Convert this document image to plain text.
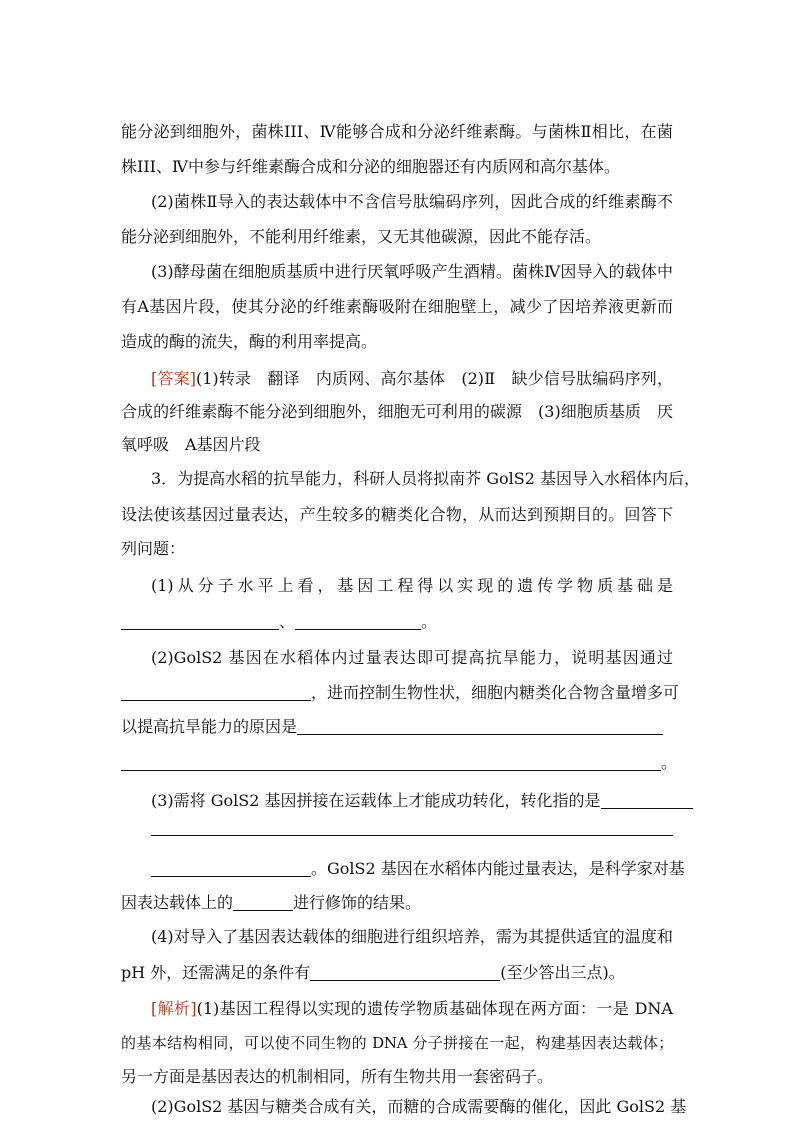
能分泌到细胞外，菌株III、Ⅳ能够合成和分泌纤维素酶。与菌株Ⅱ相比，在菌
株III、Ⅳ中参与纤维素酶合成和分泌的细胞器还有内质网和高尔基体。
(2)菌株Ⅱ导入的表达载体中不含信号肽编码序列，因此合成的纤维素酶不
能分泌到细胞外，不能利用纤维素，又无其他碳源，因此不能存活。
(3)酵母菌在细胞质基质中进行厌氧呼吸产生酒精。菌株Ⅳ因导入的载体中
有A基因片段，使其分泌的纤维素酶吸附在细胞壁上，减少了因培养液更新而
造成的酶的流失，酶的利用率提高。
[答案](1)转录　翻译　内质网、高尔基体　(2)Ⅱ　缺少信号肽编码序列，
合成的纤维素酶不能分泌到细胞外，细胞无可利用的碳源　(3)细胞质基质　厌
氧呼吸　A基因片段
3．为提高水稻的抗旱能力，科研人员将拟南芥 GolS2 基因导入水稻体内后，
设法使该基因过量表达，产生较多的糖类化合物，从而达到预期目的。回答下
列问题：
(1)从分子水平上看，基因工程得以实现的遗传学物质基础是
、	。
(2)GolS2 基因在水稻体内过量表达即可提高抗旱能力，说明基因通过
，进而控制生物性状，细胞内糖类化合物含量增多可
以提高抗旱能力的原因是
。
(3)需将 GolS2 基因拼接在运载体上才能成功转化，转化指的是
。GolS2 基因在水稻体内能过量表达，是科学家对基
因表达载体上的	进行修饰的结果。
(4)对导入了基因表达载体的细胞进行组织培养，需为其提供适宜的温度和
pH 外，还需满足的条件有	(至少答出三点)。
[解析](1)基因工程得以实现的遗传学物质基础体现在两方面：一是 DNA
的基本结构相同，可以使不同生物的 DNA 分子拼接在一起，构建基因表达载体；
另一方面是基因表达的机制相同，所有生物共用一套密码子。
(2)GolS2 基因与糖类合成有关，而糖的合成需要酶的催化，因此 GolS2 基
